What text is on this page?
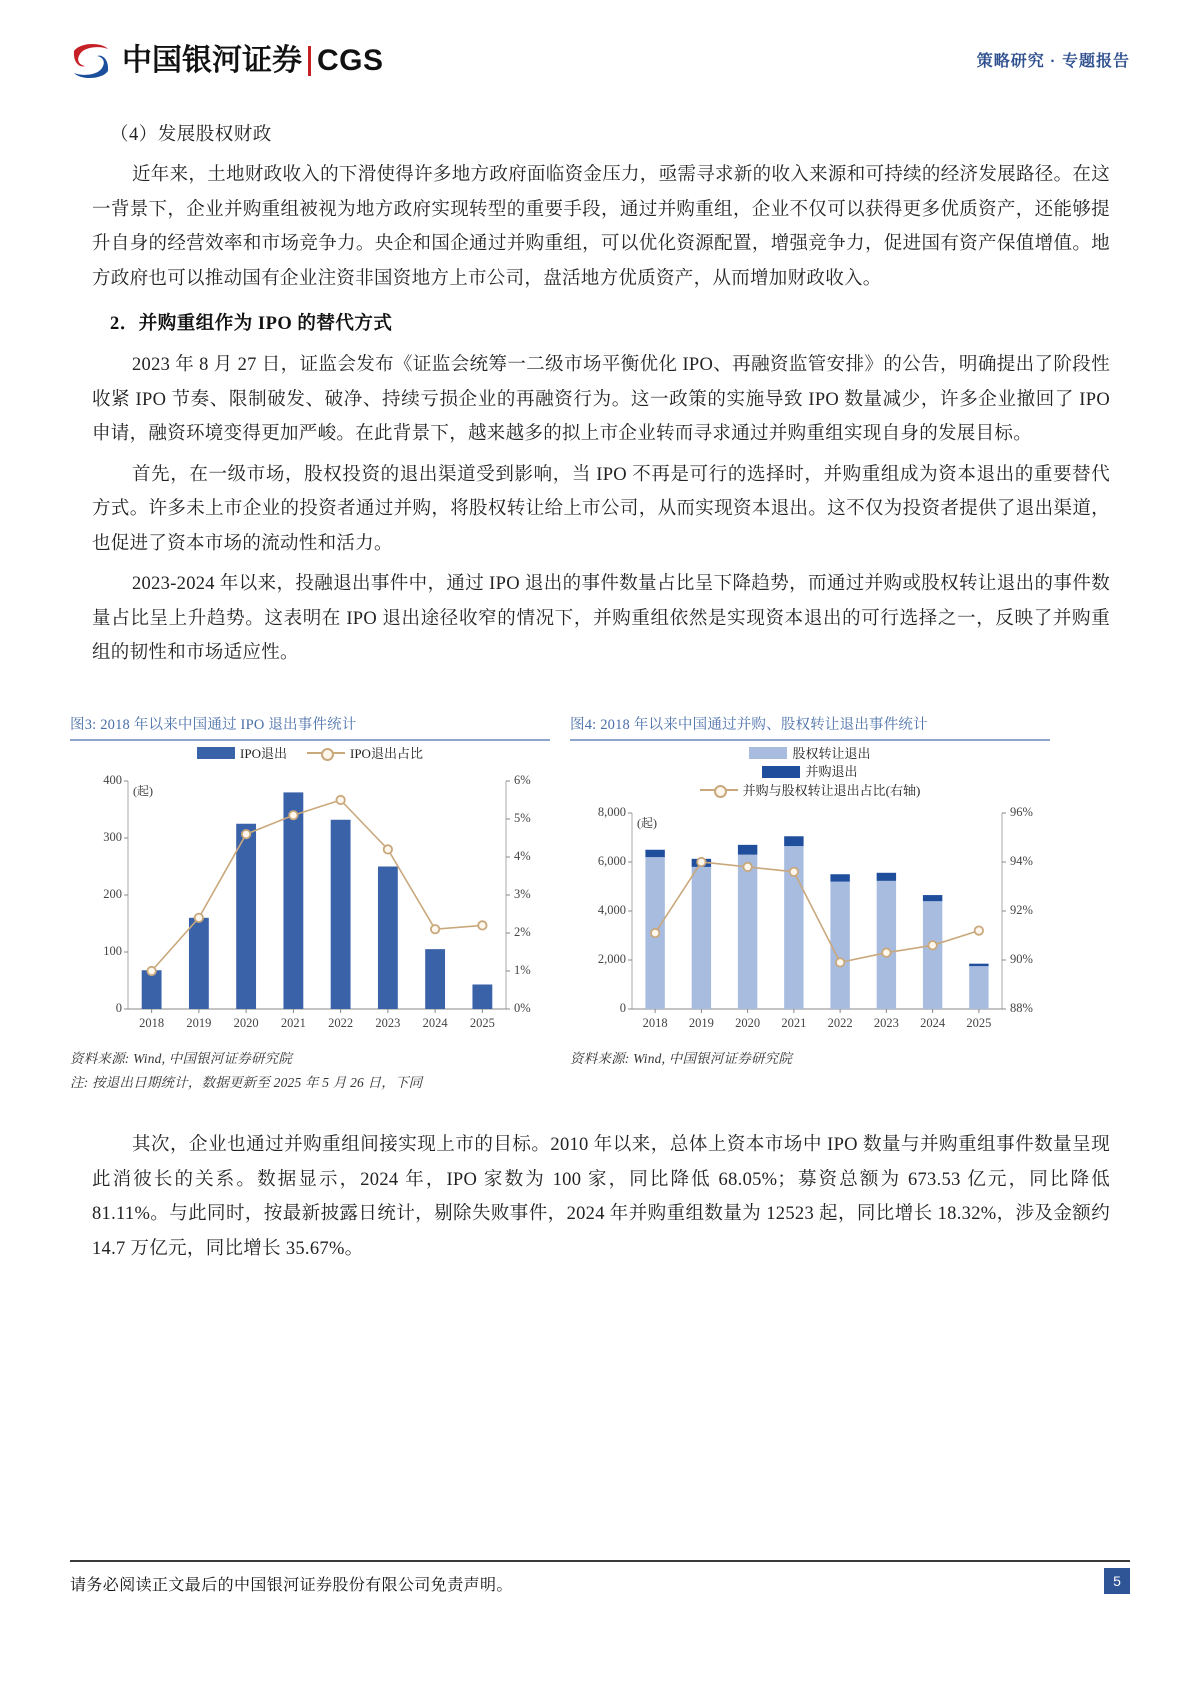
中国银河证券 CGS	策略研究 · 专题报告

（4）发展股权财政

近年来，土地财政收入的下滑使得许多地方政府面临资金压力，亟需寻求新的收入来源和可持续的经济发展路径。在这一背景下，企业并购重组被视为地方政府实现转型的重要手段，通过并购重组，企业不仅可以获得更多优质资产，还能够提升自身的经营效率和市场竞争力。央企和国企通过并购重组，可以优化资源配置，增强竞争力，促进国有资产保值增值。地方政府也可以推动国有企业注资非国资地方上市公司，盘活地方优质资产，从而增加财政收入。

2．并购重组作为 IPO 的替代方式

2023 年 8 月 27 日，证监会发布《证监会统筹一二级市场平衡优化 IPO、再融资监管安排》的公告，明确提出了阶段性收紧 IPO 节奏、限制破发、破净、持续亏损企业的再融资行为。这一政策的实施导致 IPO 数量减少，许多企业撤回了 IPO 申请，融资环境变得更加严峻。在此背景下，越来越多的拟上市企业转而寻求通过并购重组实现自身的发展目标。

首先，在一级市场，股权投资的退出渠道受到影响，当 IPO 不再是可行的选择时，并购重组成为资本退出的重要替代方式。许多未上市企业的投资者通过并购，将股权转让给上市公司，从而实现资本退出。这不仅为投资者提供了退出渠道，也促进了资本市场的流动性和活力。

2023-2024 年以来，投融退出事件中，通过 IPO 退出的事件数量占比呈下降趋势，而通过并购或股权转让退出的事件数量占比呈上升趋势。这表明在 IPO 退出途径收窄的情况下，并购重组依然是实现资本退出的可行选择之一，反映了并购重组的韧性和市场适应性。

图3: 2018 年以来中国通过 IPO 退出事件统计
IPO退出	IPO退出占比
0
100
200
300
400
0%
1%
2%
3%
4%
5%
6%
(起)
2018	2019	2020	2021	2022	2023	2024	2025
资料来源: Wind, 中国银河证券研究院
注: 按退出日期统计，数据更新至 2025 年 5 月 26 日，下同
图4: 2018 年以来中国通过并购、股权转让退出事件统计
股权转让退出
并购退出
并购与股权转让退出占比(右轴)
0
2,000
4,000
6,000
8,000
88%
90%
92%
94%
96%
(起)
2018	2019	2020	2021	2022	2023	2024	2025
资料来源: Wind, 中国银河证券研究院

其次，企业也通过并购重组间接实现上市的目标。2010 年以来，总体上资本市场中 IPO 数量与并购重组事件数量呈现此消彼长的关系。数据显示，2024 年，IPO 家数为 100 家，同比降低 68.05%；募资总额为 673.53 亿元，同比降低 81.11%。与此同时，按最新披露日统计，剔除失败事件，2024 年并购重组数量为 12523 起，同比增长 18.32%，涉及金额约 14.7 万亿元，同比增长 35.67%。

请务必阅读正文最后的中国银河证券股份有限公司免责声明。	5
